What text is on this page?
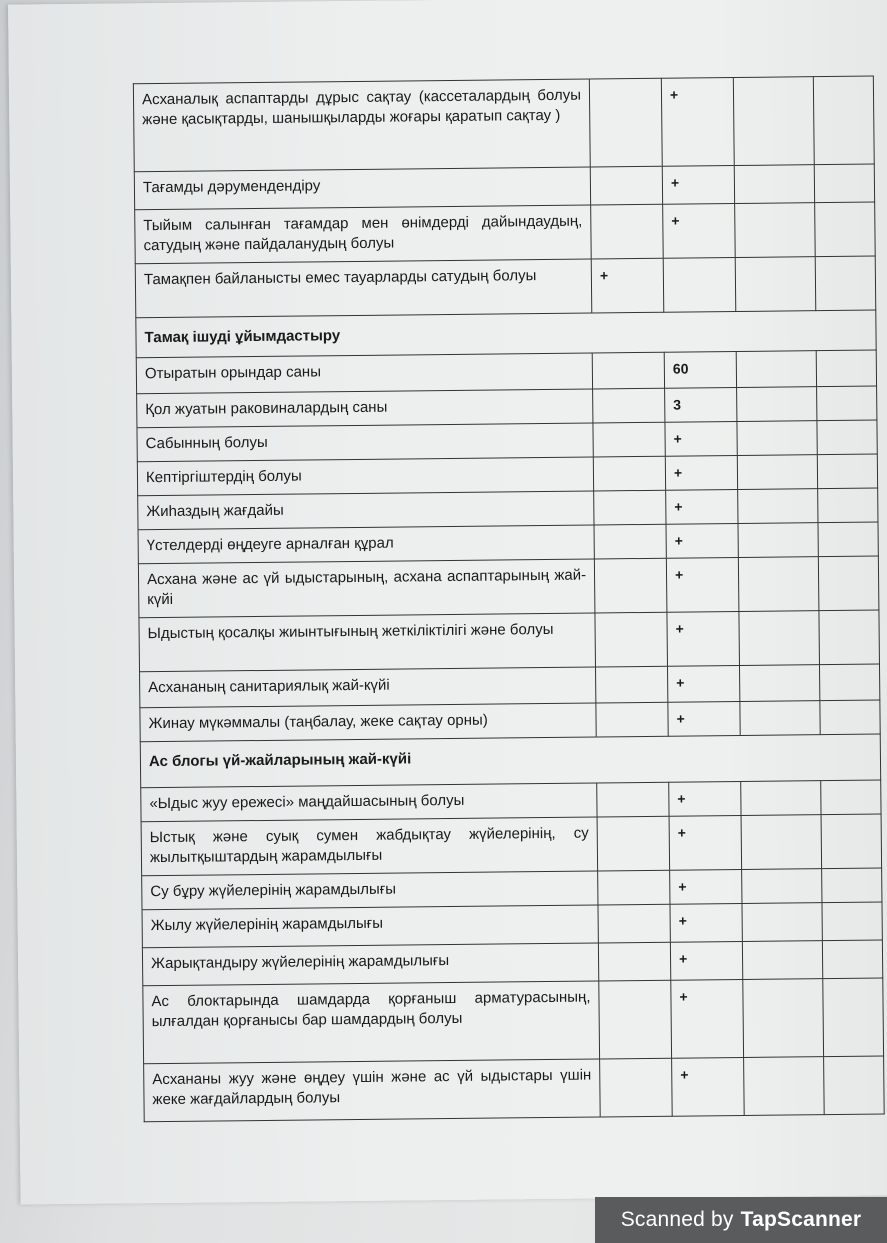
Асханалық аспаптарды дұрыс сақтау (кассеталардың болуы және қасықтарды, шанышқыларды жоғары қаратып сақтау )		+		
Тағамды дәрумендендіру		+		
Тыйым салынған тағамдар мен өнімдерді дайындаудың, сатудың және пайдаланудың болуы		+		
Тамақпен байланысты емес тауарларды сатудың болуы	+			
Тамақ ішуді ұйымдастыру				
Отыратын орындар саны		60		
Қол жуатын раковиналардың саны		3		
Сабынның болуы		+		
Кептіргіштердің болуы		+		
Жиһаздың жағдайы		+		
Үстелдерді өңдеуге арналған құрал		+		
Асхана және ас үй ыдыстарының, асхана аспаптарының жай-күйі		+		
Ыдыстың қосалқы жиынтығының жеткіліктілігі және болуы		+		
Асхананың санитариялық жай-күйі		+		
Жинау мүкәммалы (таңбалау, жеке сақтау орны)		+		
Ас блогы үй-жайларының жай-күйі				
«Ыдыс жуу ережесі» маңдайшасының болуы		+		
Ыстық және суық сумен жабдықтау жүйелерінің, су жылытқыштардың жарамдылығы		+		
Су бұру жүйелерінің жарамдылығы		+		
Жылу жүйелерінің жарамдылығы		+		
Жарықтандыру жүйелерінің жарамдылығы		+		
Ас блоктарында шамдарда қорғаныш арматурасының, ылғалдан қорғанысы бар шамдардың болуы		+		
Асхананы жуу және өңдеу үшін және ас үй ыдыстары үшін жеке жағдайлардың болуы		+		
Scanned by TapScanner
